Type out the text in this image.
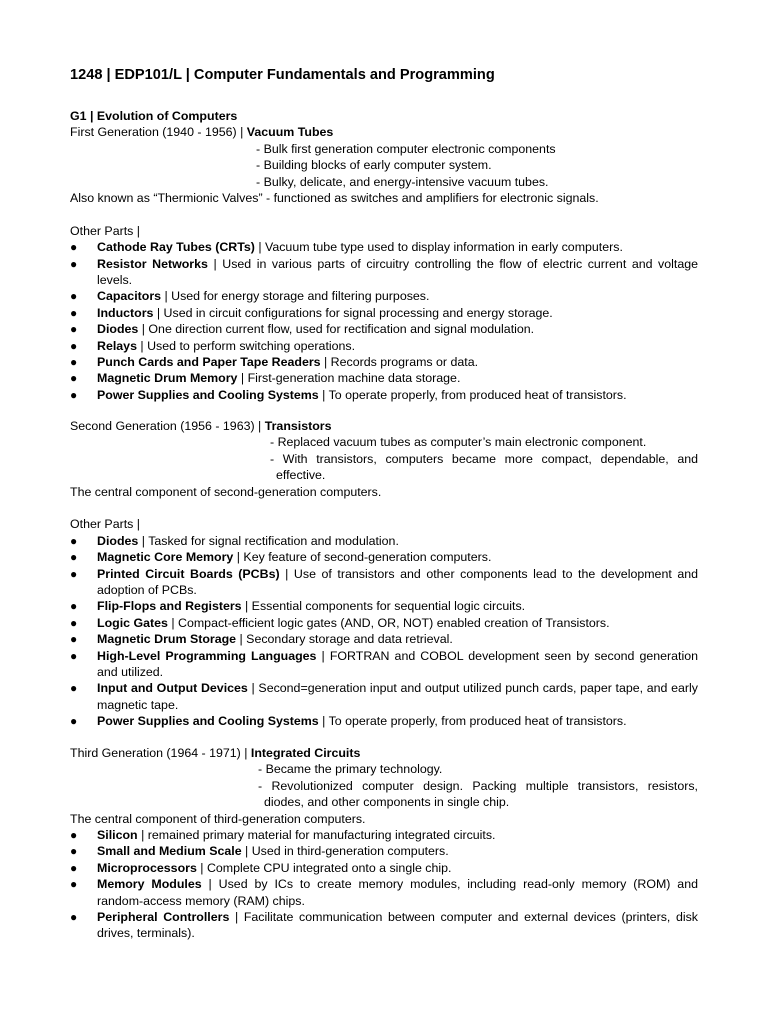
1248 | EDP101/L | Computer Fundamentals and Programming
G1 | Evolution of Computers
First Generation (1940 - 1956) | Vacuum Tubes
- Bulk first generation computer electronic components
- Building blocks of early computer system.
- Bulky, delicate, and energy-intensive vacuum tubes.
Also known as “Thermionic Valves” - functioned as switches and amplifiers for electronic signals.
Other Parts |
● Cathode Ray Tubes (CRTs) | Vacuum tube type used to display information in early computers.
● Resistor Networks | Used in various parts of circuitry controlling the flow of electric current and voltage levels.
● Capacitors | Used for energy storage and filtering purposes.
● Inductors | Used in circuit configurations for signal processing and energy storage.
● Diodes | One direction current flow, used for rectification and signal modulation.
● Relays | Used to perform switching operations.
● Punch Cards and Paper Tape Readers | Records programs or data.
● Magnetic Drum Memory | First-generation machine data storage.
● Power Supplies and Cooling Systems | To operate properly, from produced heat of transistors.
Second Generation (1956 - 1963) | Transistors
- Replaced vacuum tubes as computer’s main electronic component.
- With transistors, computers became more compact, dependable, and
effective.
The central component of second-generation computers.
Other Parts |
● Diodes | Tasked for signal rectification and modulation.
● Magnetic Core Memory | Key feature of second-generation computers.
● Printed Circuit Boards (PCBs) | Use of transistors and other components lead to the development and adoption of PCBs.
● Flip-Flops and Registers | Essential components for sequential logic circuits.
● Logic Gates | Compact-efficient logic gates (AND, OR, NOT) enabled creation of Transistors.
● Magnetic Drum Storage | Secondary storage and data retrieval.
● High-Level Programming Languages | FORTRAN and COBOL development seen by second generation and utilized.
● Input and Output Devices | Second=generation input and output utilized punch cards, paper tape, and early magnetic tape.
● Power Supplies and Cooling Systems | To operate properly, from produced heat of transistors.
Third Generation (1964 - 1971) | Integrated Circuits
- Became the primary technology.
- Revolutionized computer design. Packing multiple transistors, resistors,
diodes, and other components in single chip.
The central component of third-generation computers.
● Silicon | remained primary material for manufacturing integrated circuits.
● Small and Medium Scale | Used in third-generation computers.
● Microprocessors | Complete CPU integrated onto a single chip.
● Memory Modules | Used by ICs to create memory modules, including read-only memory (ROM) and random-access memory (RAM) chips.
● Peripheral Controllers | Facilitate communication between computer and external devices (printers, disk drives, terminals).
